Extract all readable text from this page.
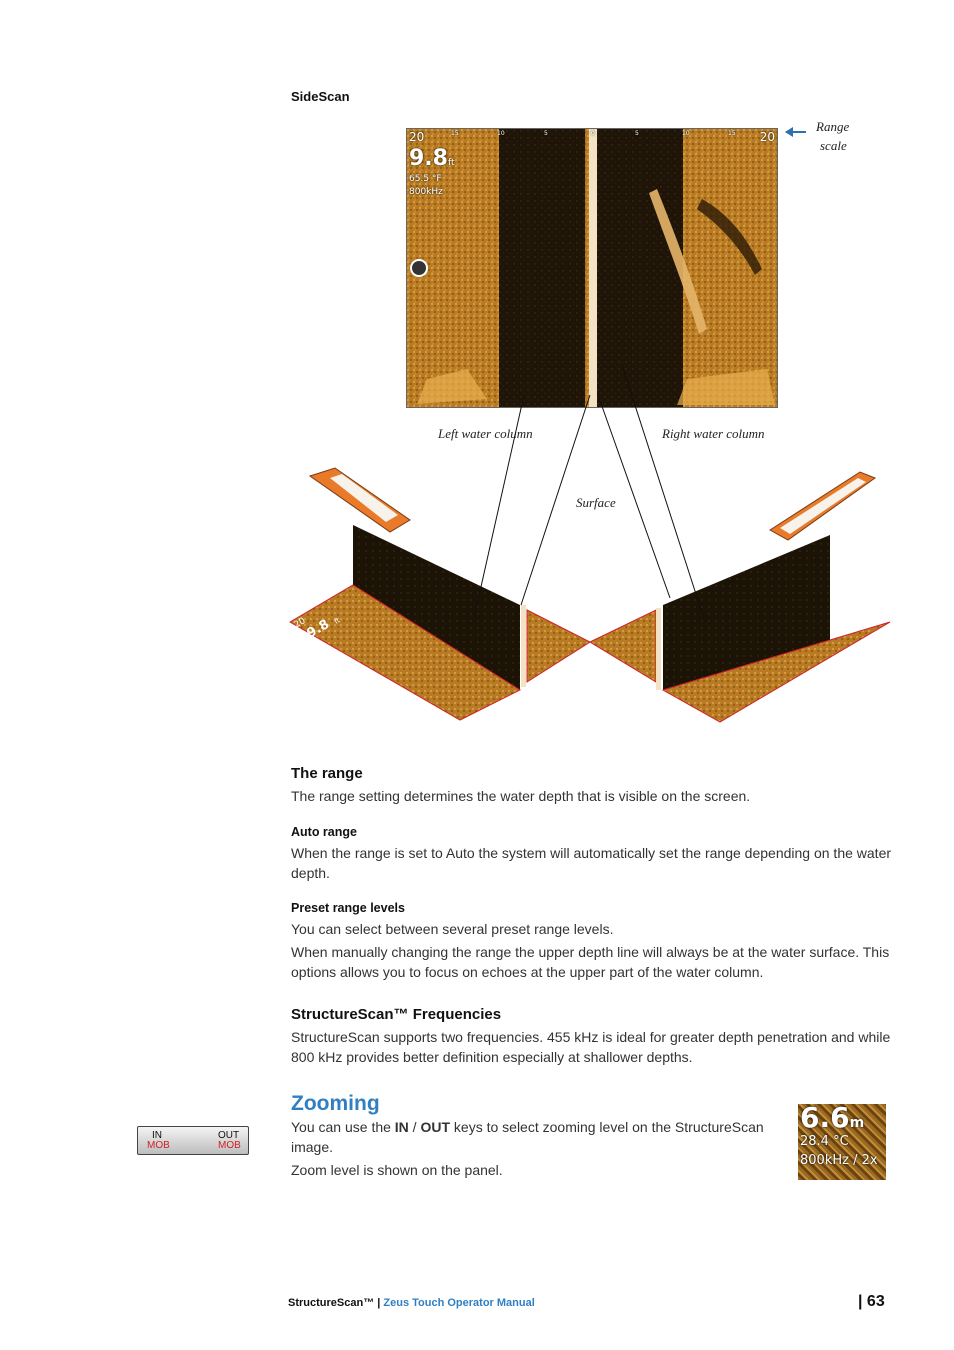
SideScan
20	20
15	10	5	0	5	10	15
9.8ft
65.5 °F
800kHz
Range
scale
Left water column	Right water column
Surface
20
9.8 ft
The range
The range setting determines the water depth that is visible on the screen.
Auto range
When the range is set to Auto the system will automatically set the range depending on the water depth.
Preset range levels
You can select between several preset range levels.
When manually changing the range the upper depth line will always be at the water surface. This options allows you to focus on echoes at the upper part of the water column.
StructureScan™ Frequencies
StructureScan supports two frequencies. 455 kHz is ideal for greater depth penetration and while 800 kHz provides better definition especially at shallower depths.
Zooming
You can use the IN / OUT keys to select zooming level on the StructureScan image.
Zoom level is shown on the panel.
IN
MOB
OUT
MOB
6.6m
28.4 °C
800kHz / 2x
StructureScan™ | Zeus Touch Operator Manual	| 63
